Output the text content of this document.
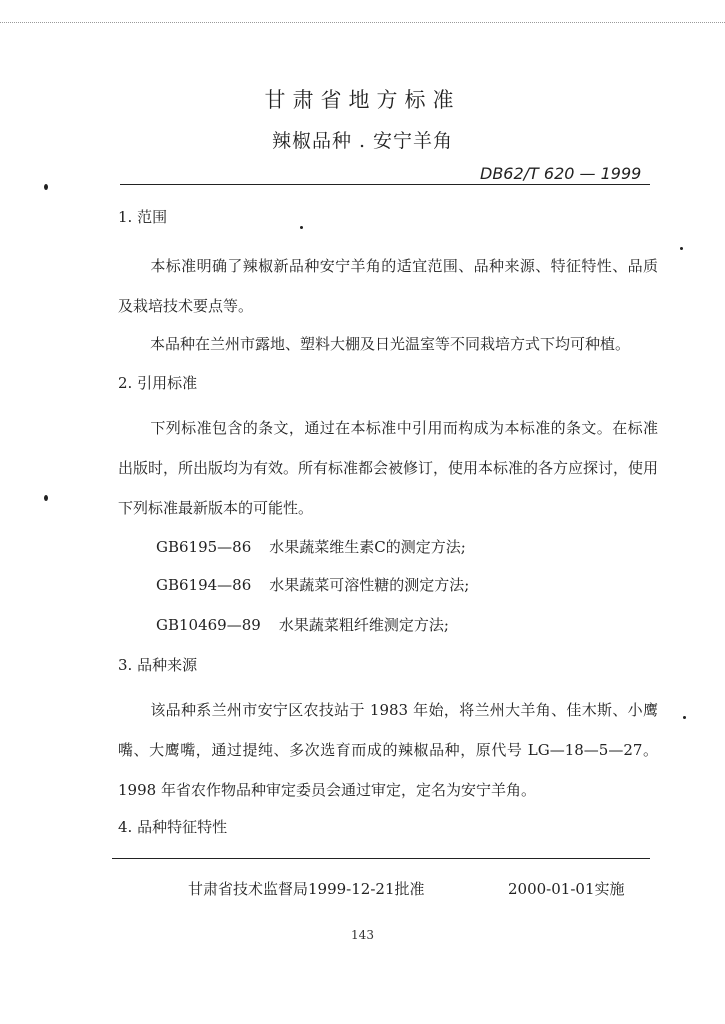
甘肃省地方标准
辣椒品种 . 安宁羊角
DB62/T 620 — 1999
1. 范围
本标准明确了辣椒新品种安宁羊角的适宜范围、品种来源、特征特性、品质及栽培技术要点等。
本品种在兰州市露地、塑料大棚及日光温室等不同栽培方式下均可种植。
2. 引用标准
下列标准包含的条文，通过在本标准中引用而构成为本标准的条文。在标准出版时，所出版均为有效。所有标准都会被修订，使用本标准的各方应探讨，使用下列标准最新版本的可能性。
GB6195—86 水果蔬菜维生素C的测定方法;
GB6194—86 水果蔬菜可溶性糖的测定方法;
GB10469—89 水果蔬菜粗纤维测定方法;
3. 品种来源
该品种系兰州市安宁区农技站于 1983 年始，将兰州大羊角、佳木斯、小鹰嘴、大鹰嘴，通过提纯、多次选育而成的辣椒品种，原代号 LG—18—5—27。1998 年省农作物品种审定委员会通过审定，定名为安宁羊角。
4. 品种特征特性
甘肃省技术监督局1999-12-21批准	2000-01-01实施
143
